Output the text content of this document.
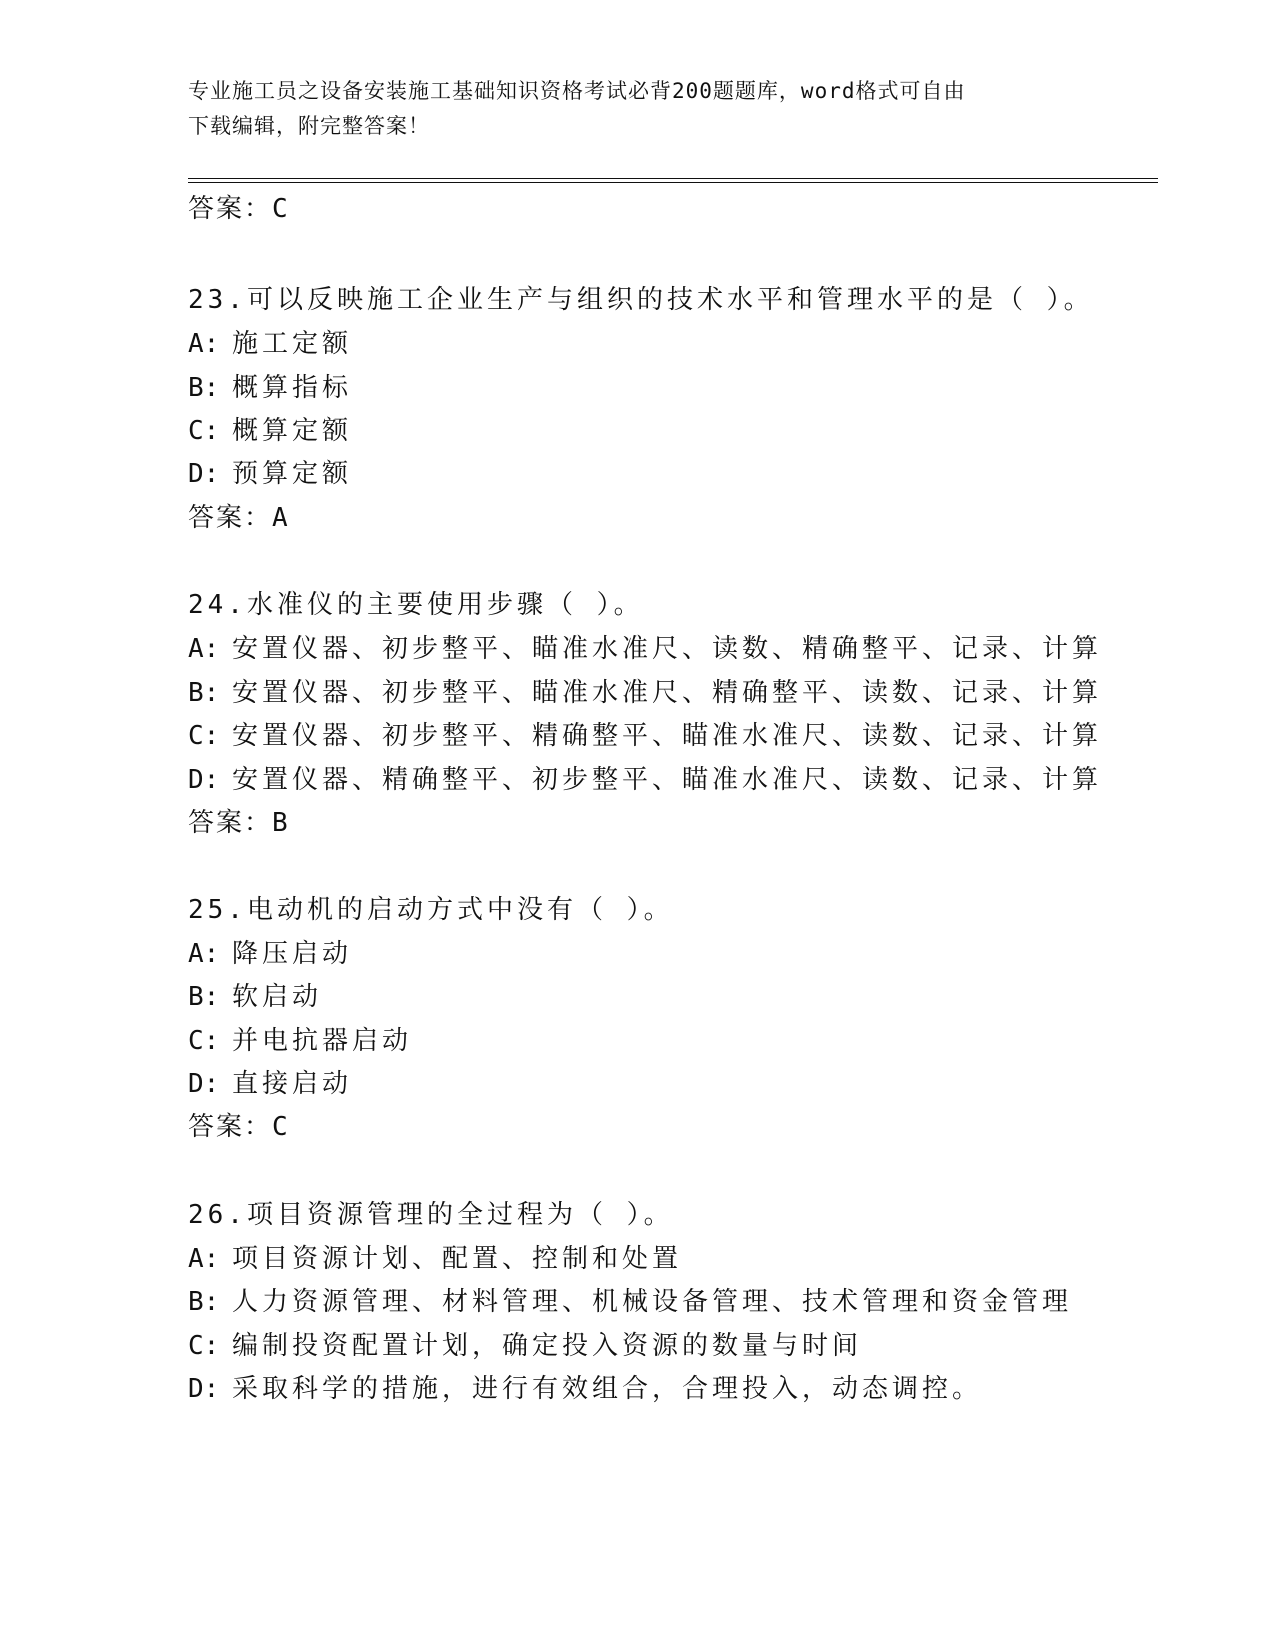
专业施工员之设备安装施工基础知识资格考试必背200题题库，word格式可自由
下载编辑，附完整答案！

答案：C

23.可以反映施工企业生产与组织的技术水平和管理水平的是（ ）。

A: 施工定额

B: 概算指标

C: 概算定额

D: 预算定额

答案：A

24.水准仪的主要使用步骤（ ）。

A: 安置仪器、初步整平、瞄准水准尺、读数、精确整平、记录、计算

B: 安置仪器、初步整平、瞄准水准尺、精确整平、读数、记录、计算

C: 安置仪器、初步整平、精确整平、瞄准水准尺、读数、记录、计算

D: 安置仪器、精确整平、初步整平、瞄准水准尺、读数、记录、计算

答案：B

25.电动机的启动方式中没有（ ）。

A: 降压启动

B: 软启动

C: 并电抗器启动

D: 直接启动

答案：C

26.项目资源管理的全过程为（ ）。

A: 项目资源计划、配置、控制和处置

B: 人力资源管理、材料管理、机械设备管理、技术管理和资金管理

C: 编制投资配置计划，确定投入资源的数量与时间

D: 采取科学的措施，进行有效组合，合理投入，动态调控。
